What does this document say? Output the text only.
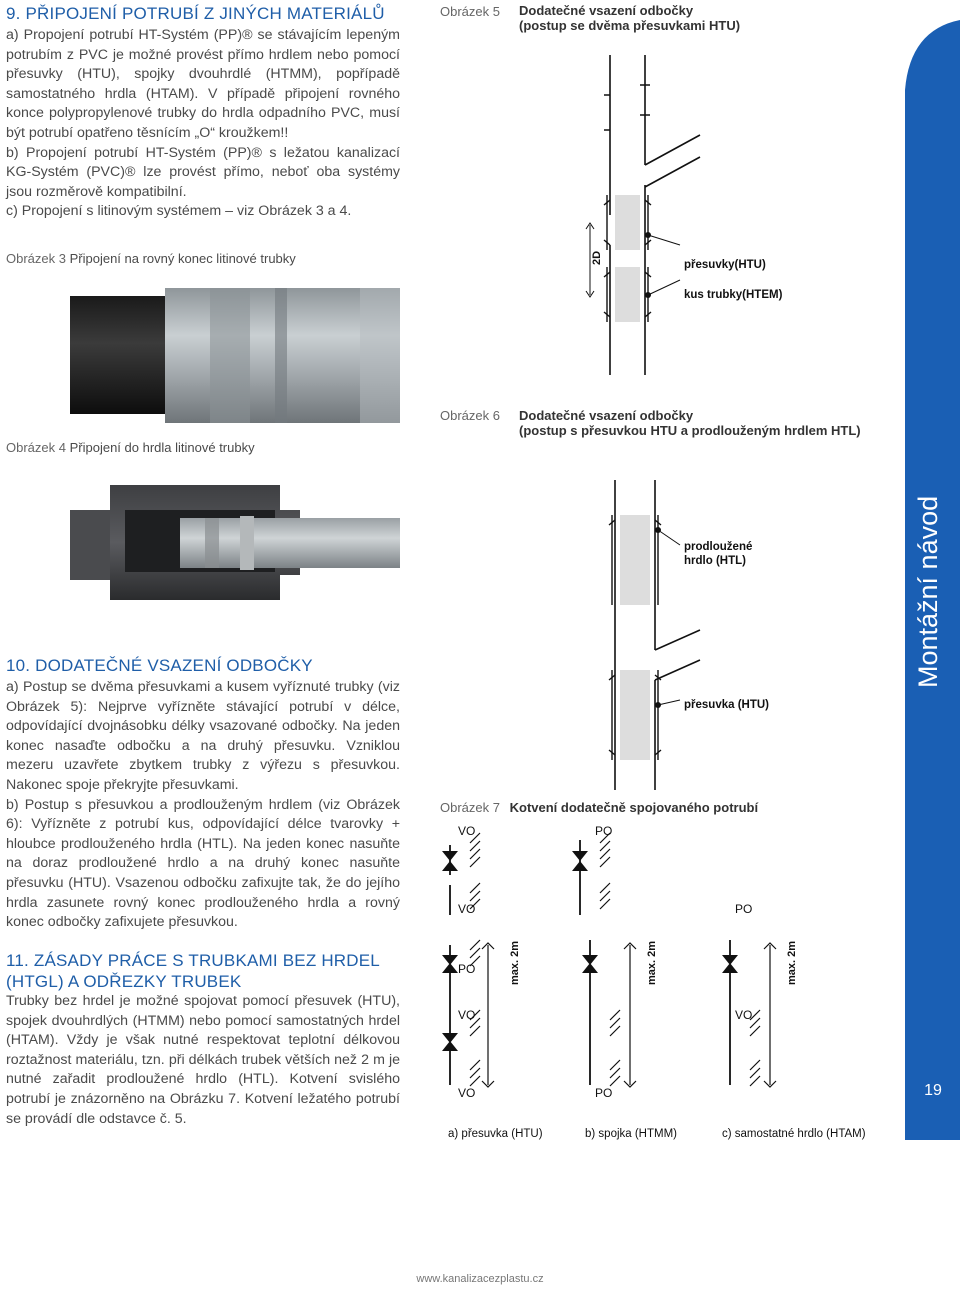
9. PŘIPOJENÍ POTRUBÍ Z JINÝCH MATERIÁLŮ

a) Propojení potrubí HT-Systém (PP)® se stávajícím lepeným potrubím z PVC je možné provést přímo hrdlem nebo pomocí přesuvky (HTU), spojky dvouhrdlé (HTMM), popřípadě samostatného hrdla (HTAM). V případě připojení rovného konce polypropylenové trubky do hrdla odpadního PVC, musí být potrubí opatřeno těsnícím „O“ kroužkem!!

b) Propojení potrubí HT-Systém (PP)® s ležatou kanalizací KG-Systém (PVC)® lze provést přímo, neboť oba systémy jsou rozměrově kompatibilní.

c) Propojení s litinovým systémem – viz Obrázek 3 a 4.

Obrázek 3 Připojení na rovný konec litinové trubky
Obrázek 4 Připojení do hrdla litinové trubky
Obrázek 5 Dodatečné vsazení odbočky
(postup se dvěma přesuvkami HTU)
2D	přesuvky(HTU)
kus trubky(HTEM)
Obrázek 6 Dodatečné vsazení odbočky
(postup s přesuvkou HTU a prodlouženým hrdlem HTL)
prodloužené
hrdlo (HTL)
přesuvka (HTU)
10. DODATEČNÉ VSAZENÍ ODBOČKY

a) Postup se dvěma přesuvkami a kusem vyříznuté trubky (viz Obrázek 5): Nejprve vyřízněte stávající potrubí v délce, odpovídající dvojnásobku délky vsazované odbočky. Na jeden konec nasaďte odbočku a na druhý přesuvku. Vzniklou mezeru uzavřete zbytkem trubky z výřezu s přesuvkou. Nakonec spoje překryjte přesuvkami.

b) Postup s přesuvkou a prodlouženým hrdlem (viz Obrázek 6): Vyřízněte z potrubí kus, odpovídající délce tvarovky + hloubce prodlouženého hrdla (HTL). Na jeden konec nasuňte na doraz prodloužené hrdlo a na druhý konec nasuňte přesuvku (HTU). Vsazenou odbočku zafixujte tak, že do jejího hrdla zasunete rovný konec prodlouženého hrdla a rovný konec odbočky zafixujete přesuvkou.

11. ZÁSADY PRÁCE S TRUBKAMI BEZ HRDEL
(HTGL) A ODŘEZKY TRUBEK

Trubky bez hrdel je možné spojovat pomocí přesuvek (HTU), spojek dvouhrdlých (HTMM) nebo pomocí samostatných hrdel (HTAM). Vždy je však nutné respektovat teplotní délkovou roztažnost materiálu, tzn. při délkách trubek větších než 2 m je nutné zařadit prodloužené hrdlo (HTL). Kotvení svislého potrubí je znázorněno na Obrázku 7. Kotvení ležatého potrubí se provádí dle odstavce č. 5.

Obrázek 7 Kotvení dodatečně spojovaného potrubí
VO	PO
VO	PO
PO
VO	VO
VO	PO
max. 2m	max. 2m	max. 2m
a) přesuvka (HTU)	b) spojka (HTMM)	c) samostatné hrdlo (HTAM)
Montážní návod
19
www.kanalizacezplastu.cz
